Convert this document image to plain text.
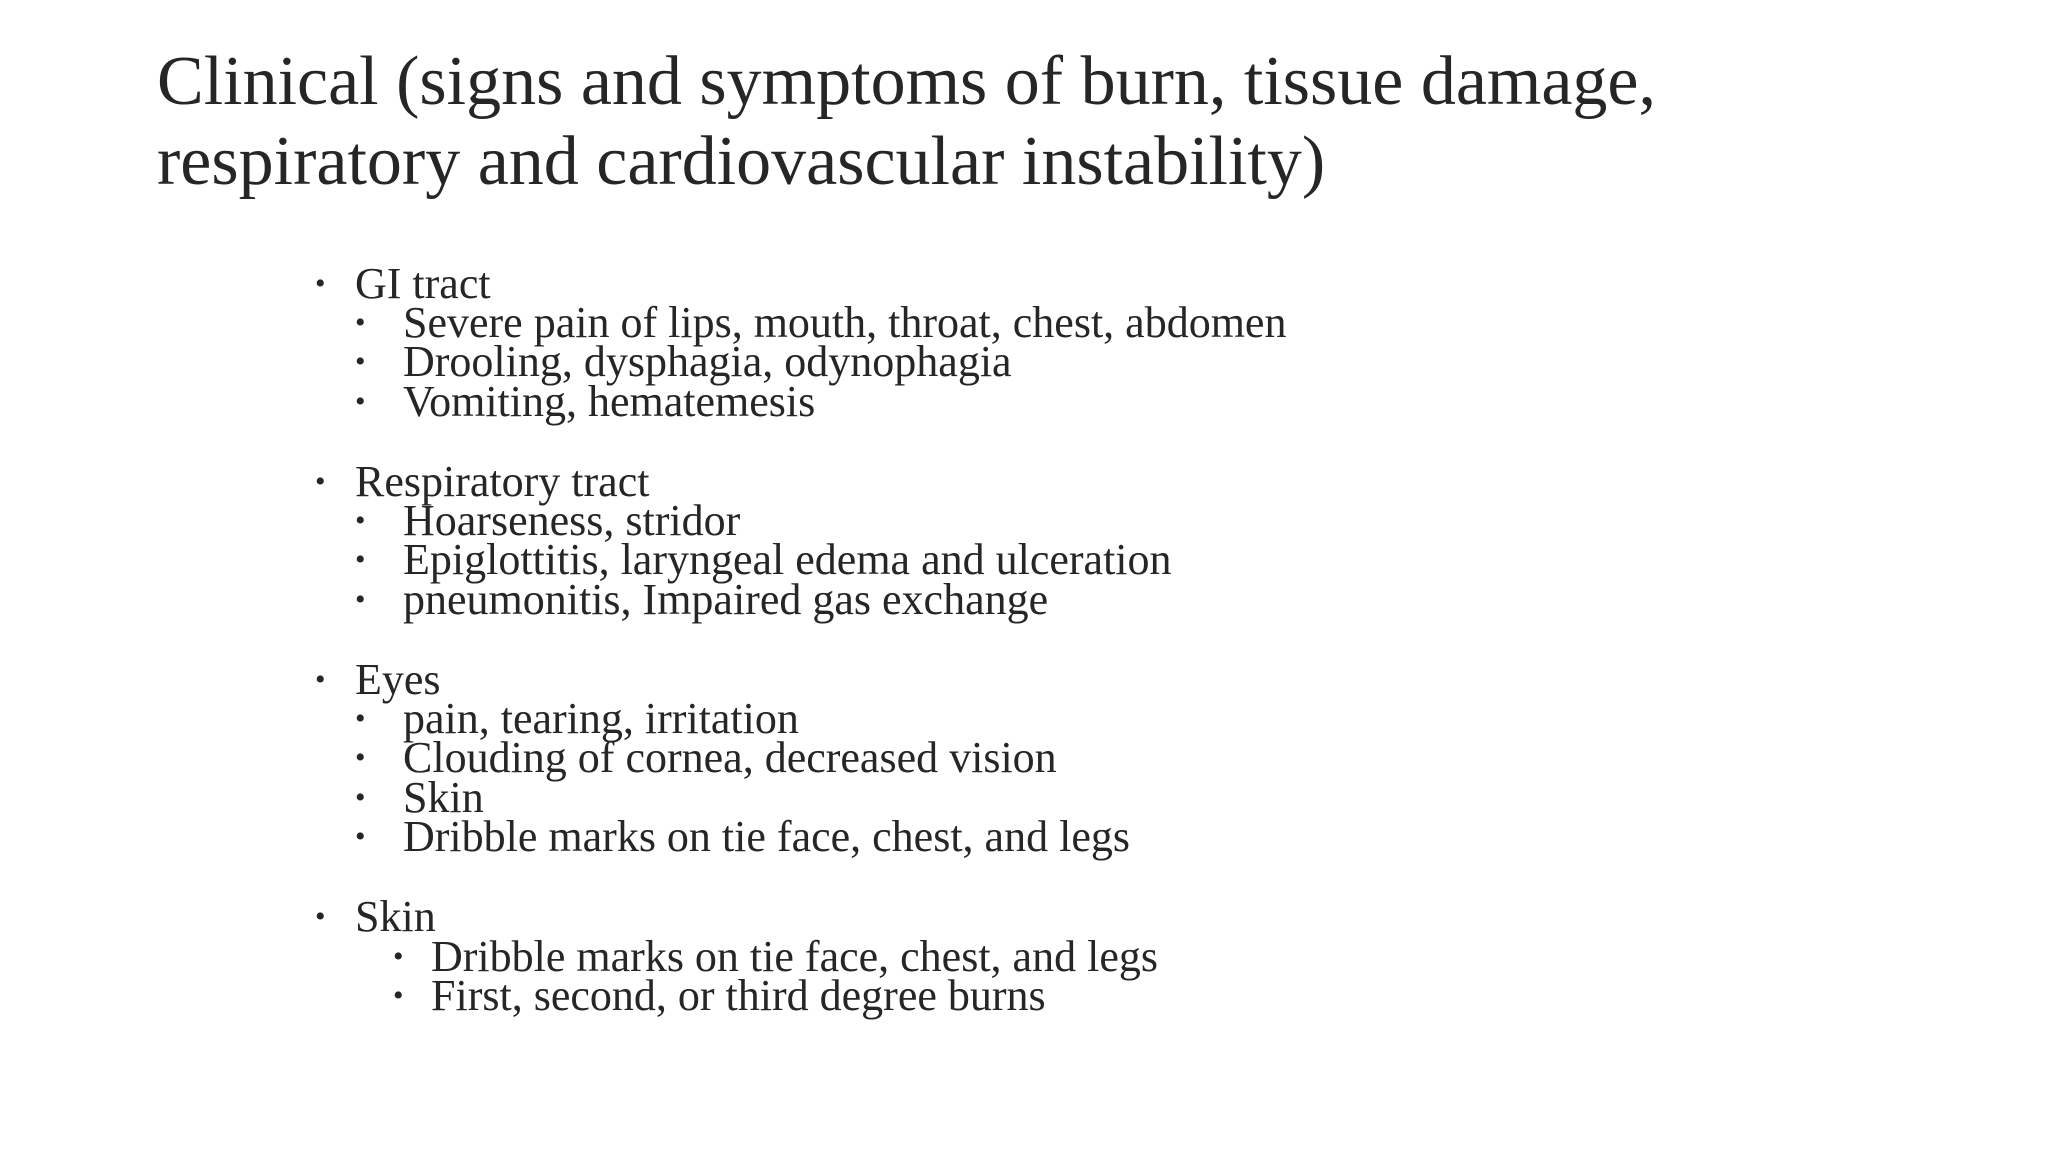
Clinical (signs and symptoms of burn, tissue damage,
respiratory and cardiovascular instability)
• GI tract
• Severe pain of lips, mouth, throat, chest, abdomen
• Drooling, dysphagia, odynophagia
• Vomiting, hematemesis
• Respiratory tract
• Hoarseness, stridor
• Epiglottitis, laryngeal edema and ulceration
• pneumonitis, Impaired gas exchange
• Eyes
• pain, tearing, irritation
• Clouding of cornea, decreased vision
• Skin
• Dribble marks on tie face, chest, and legs
• Skin
• Dribble marks on tie face, chest, and legs
• First, second, or third degree burns
